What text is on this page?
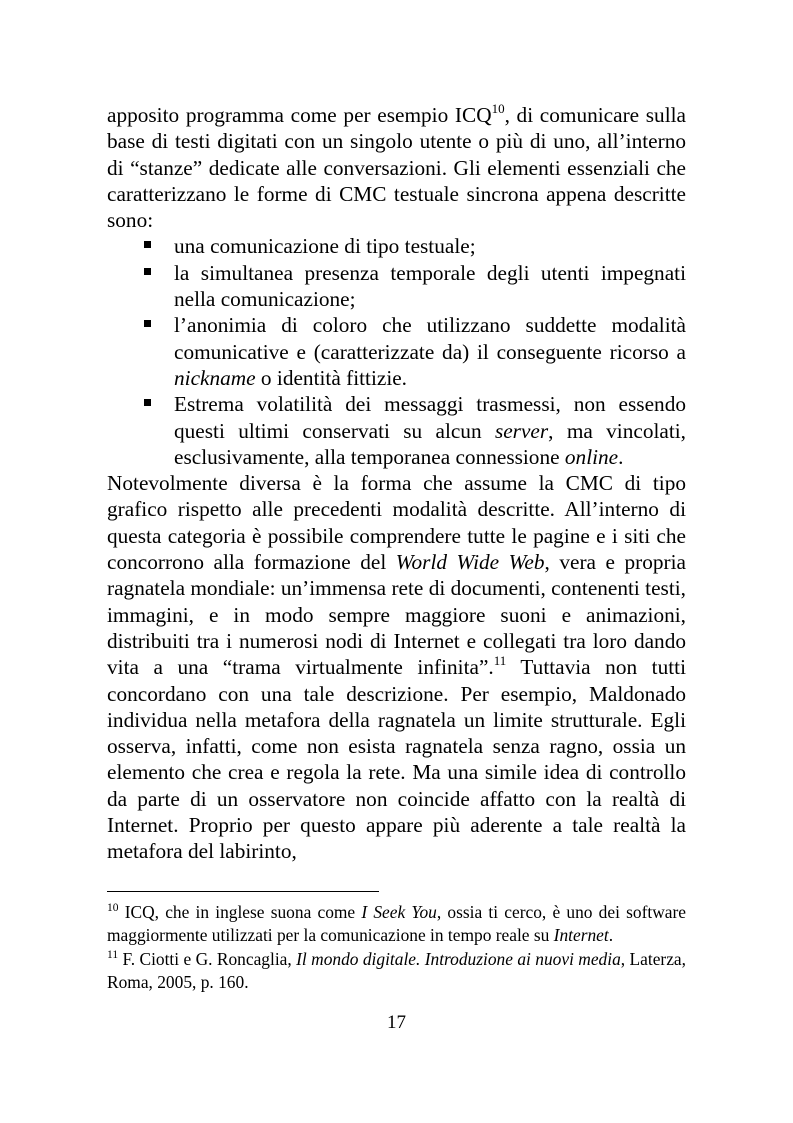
apposito programma come per esempio ICQ$^{10}$, di comunicare sulla base di testi digitati con un singolo utente o più di uno, all’interno di “stanze” dedicate alle conversazioni. Gli elementi essenziali che caratterizzano le forme di CMC testuale sincrona appena descritte sono:

una comunicazione di tipo testuale;
la simultanea presenza temporale degli utenti impegnati nella comunicazione;
l’anonimia di coloro che utilizzano suddette modalità comunicative e (caratterizzate da) il conseguente ricorso a nickname o identità fittizie.
Estrema volatilità dei messaggi trasmessi, non essendo questi ultimi conservati su alcun server, ma vincolati, esclusivamente, alla temporanea connessione online.

Notevolmente diversa è la forma che assume la CMC di tipo grafico rispetto alle precedenti modalità descritte. All’interno di questa categoria è possibile comprendere tutte le pagine e i siti che concorrono alla formazione del World Wide Web, vera e propria ragnatela mondiale: un’immensa rete di documenti, contenenti testi, immagini, e in modo sempre maggiore suoni e animazioni, distribuiti tra i numerosi nodi di Internet e collegati tra loro dando vita a una “trama virtualmente infinita”.$^{11}$ Tuttavia non tutti concordano con una tale descrizione. Per esempio, Maldonado individua nella metafora della ragnatela un limite strutturale. Egli osserva, infatti, come non esista ragnatela senza ragno, ossia un elemento che crea e regola la rete. Ma una simile idea di controllo da parte di un osservatore non coincide affatto con la realtà di Internet. Proprio per questo appare più aderente a tale realtà la metafora del labirinto,

$^{10}$ ICQ, che in inglese suona come I Seek You, ossia ti cerco, è uno dei software maggiormente utilizzati per la comunicazione in tempo reale su Internet.

$^{11}$ F. Ciotti e G. Roncaglia, Il mondo digitale. Introduzione ai nuovi media, Laterza, Roma, 2005, p. 160.

17
